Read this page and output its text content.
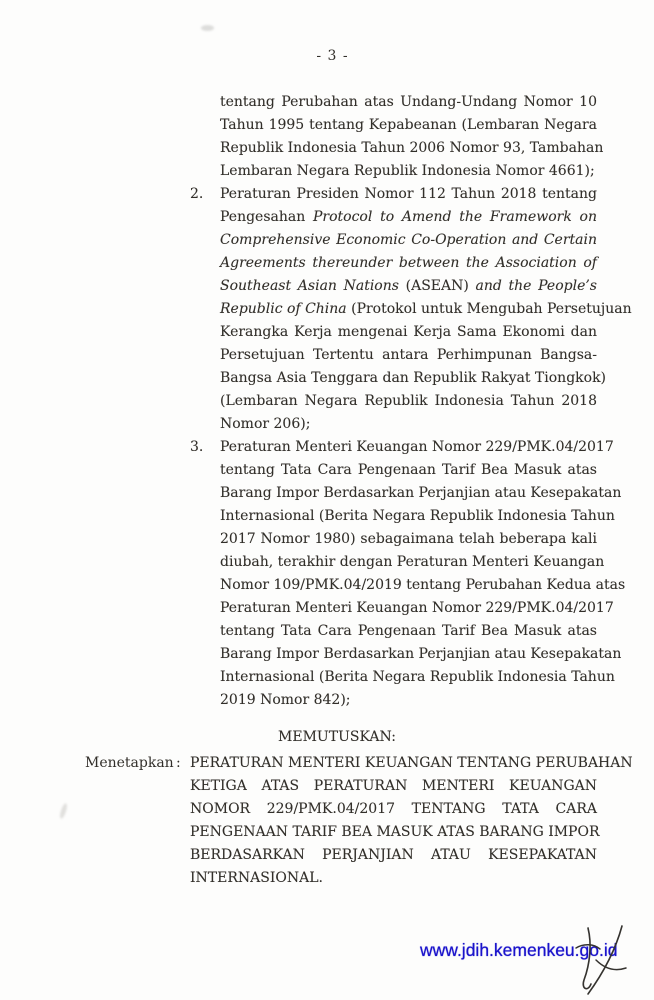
- 3 -
tentang Perubahan atas Undang-Undang Nomor 10
Tahun 1995 tentang Kepabeanan (Lembaran Negara
Republik Indonesia Tahun 2006 Nomor 93, Tambahan
Lembaran Negara Republik Indonesia Nomor 4661);
2.	Peraturan Presiden Nomor 112 Tahun 2018 tentang
Pengesahan Protocol to Amend the Framework on
Comprehensive Economic Co-Operation and Certain
Agreements thereunder between the Association of
Southeast Asian Nations (ASEAN) and the People’s
Republic of China (Protokol untuk Mengubah Persetujuan
Kerangka Kerja mengenai Kerja Sama Ekonomi dan
Persetujuan Tertentu antara Perhimpunan Bangsa-
Bangsa Asia Tenggara dan Republik Rakyat Tiongkok)
(Lembaran Negara Republik Indonesia Tahun 2018
Nomor 206);
3.	Peraturan Menteri Keuangan Nomor 229/PMK.04/2017
tentang Tata Cara Pengenaan Tarif Bea Masuk atas
Barang Impor Berdasarkan Perjanjian atau Kesepakatan
Internasional (Berita Negara Republik Indonesia Tahun
2017 Nomor 1980) sebagaimana telah beberapa kali
diubah, terakhir dengan Peraturan Menteri Keuangan
Nomor 109/PMK.04/2019 tentang Perubahan Kedua atas
Peraturan Menteri Keuangan Nomor 229/PMK.04/2017
tentang Tata Cara Pengenaan Tarif Bea Masuk atas
Barang Impor Berdasarkan Perjanjian atau Kesepakatan
Internasional (Berita Negara Republik Indonesia Tahun
2019 Nomor 842);
MEMUTUSKAN:
Menetapkan : PERATURAN MENTERI KEUANGAN TENTANG PERUBAHAN
KETIGA ATAS PERATURAN MENTERI KEUANGAN
NOMOR 229/PMK.04/2017 TENTANG TATA CARA
PENGENAAN TARIF BEA MASUK ATAS BARANG IMPOR
BERDASARKAN PERJANJIAN ATAU KESEPAKATAN
INTERNASIONAL.
www.jdih.kemenkeu.go.id
